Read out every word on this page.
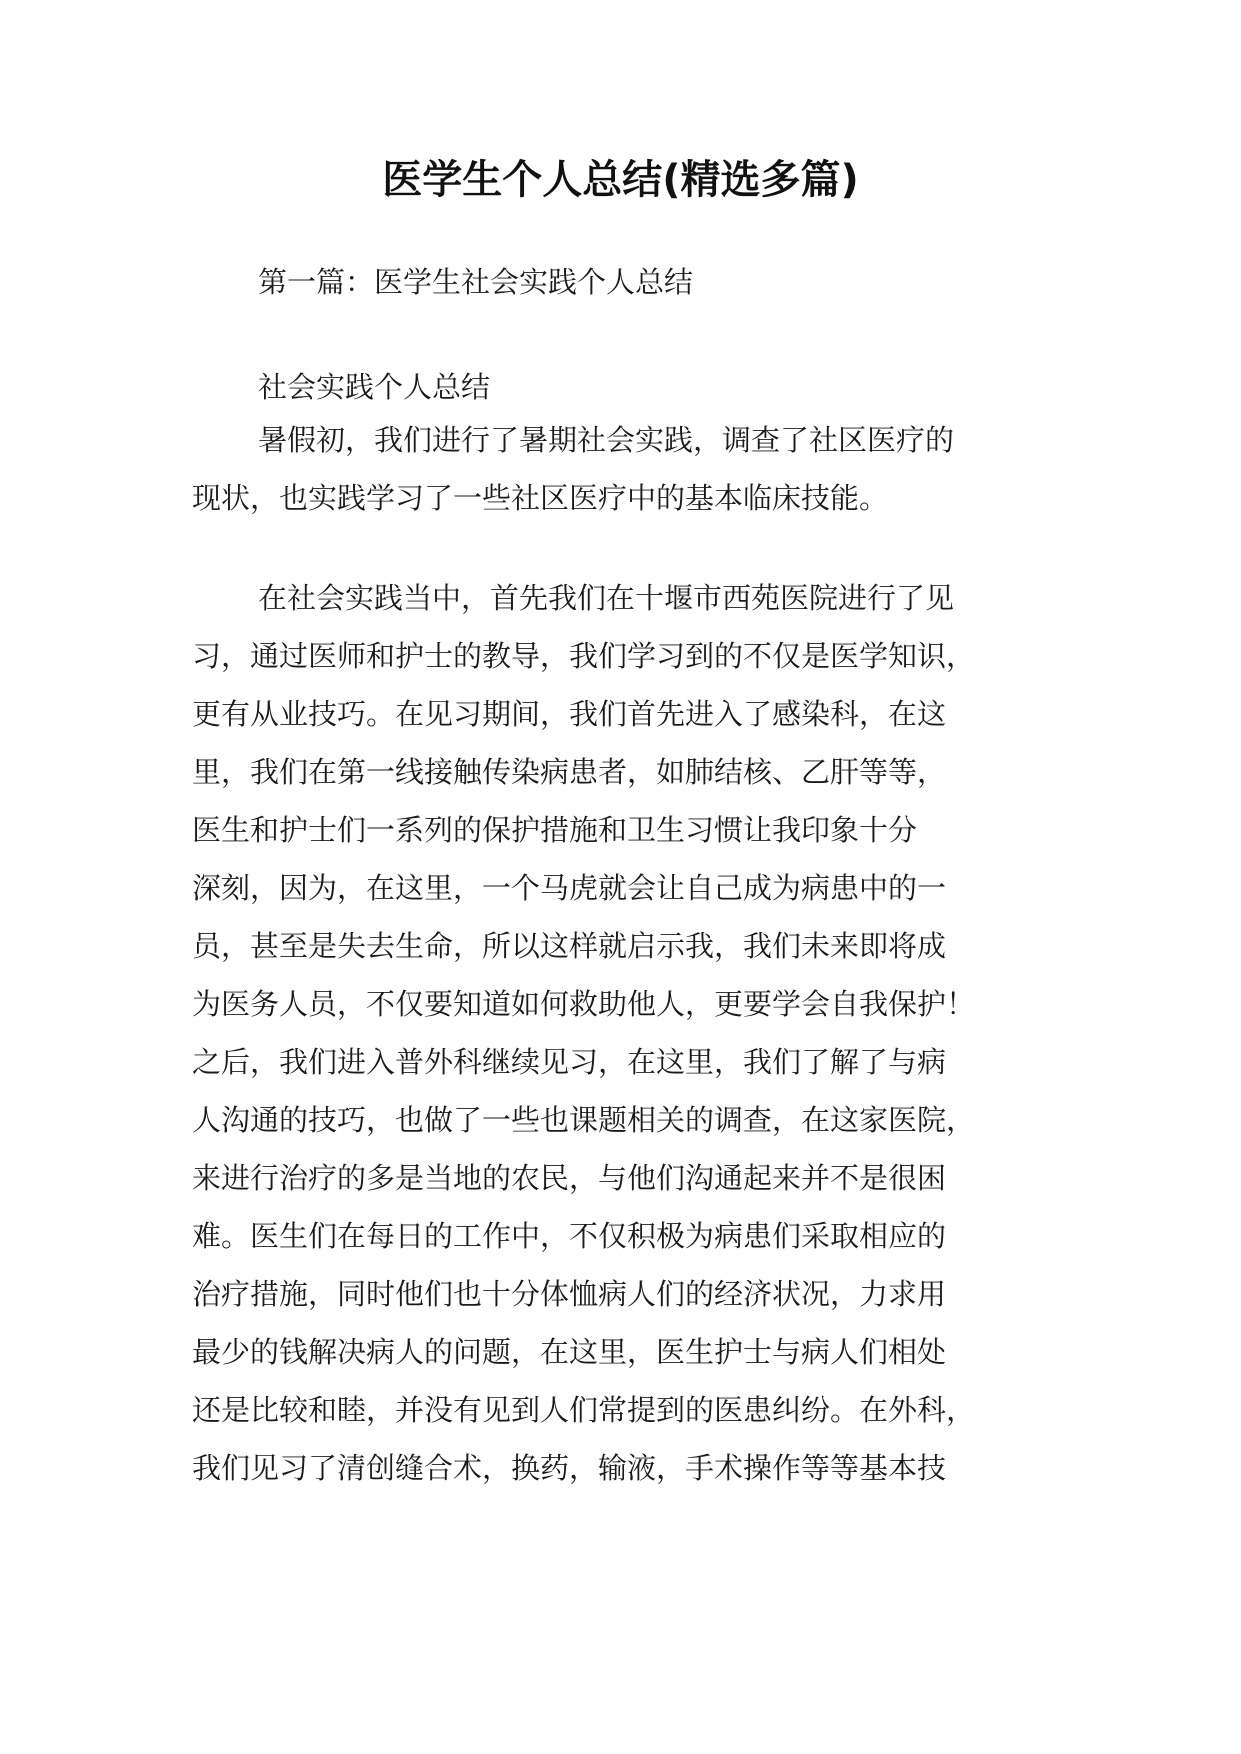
医学生个人总结(精选多篇)

第一篇：医学生社会实践个人总结

社会实践个人总结

暑假初，我们进行了暑期社会实践，调查了社区医疗的
现状，也实践学习了一些社区医疗中的基本临床技能。
在社会实践当中，首先我们在十堰市西苑医院进行了见
习，通过医师和护士的教导，我们学习到的不仅是医学知识，
更有从业技巧。在见习期间，我们首先进入了感染科，在这
里，我们在第一线接触传染病患者，如肺结核、乙肝等等，
医生和护士们一系列的保护措施和卫生习惯让我印象十分
深刻，因为，在这里，一个马虎就会让自己成为病患中的一
员，甚至是失去生命，所以这样就启示我，我们未来即将成
为医务人员，不仅要知道如何救助他人，更要学会自我保护！
之后，我们进入普外科继续见习，在这里，我们了解了与病
人沟通的技巧，也做了一些也课题相关的调查，在这家医院，
来进行治疗的多是当地的农民，与他们沟通起来并不是很困
难。医生们在每日的工作中，不仅积极为病患们采取相应的
治疗措施，同时他们也十分体恤病人们的经济状况，力求用
最少的钱解决病人的问题，在这里，医生护士与病人们相处
还是比较和睦，并没有见到人们常提到的医患纠纷。在外科，
我们见习了清创缝合术，换药，输液，手术操作等等基本技
